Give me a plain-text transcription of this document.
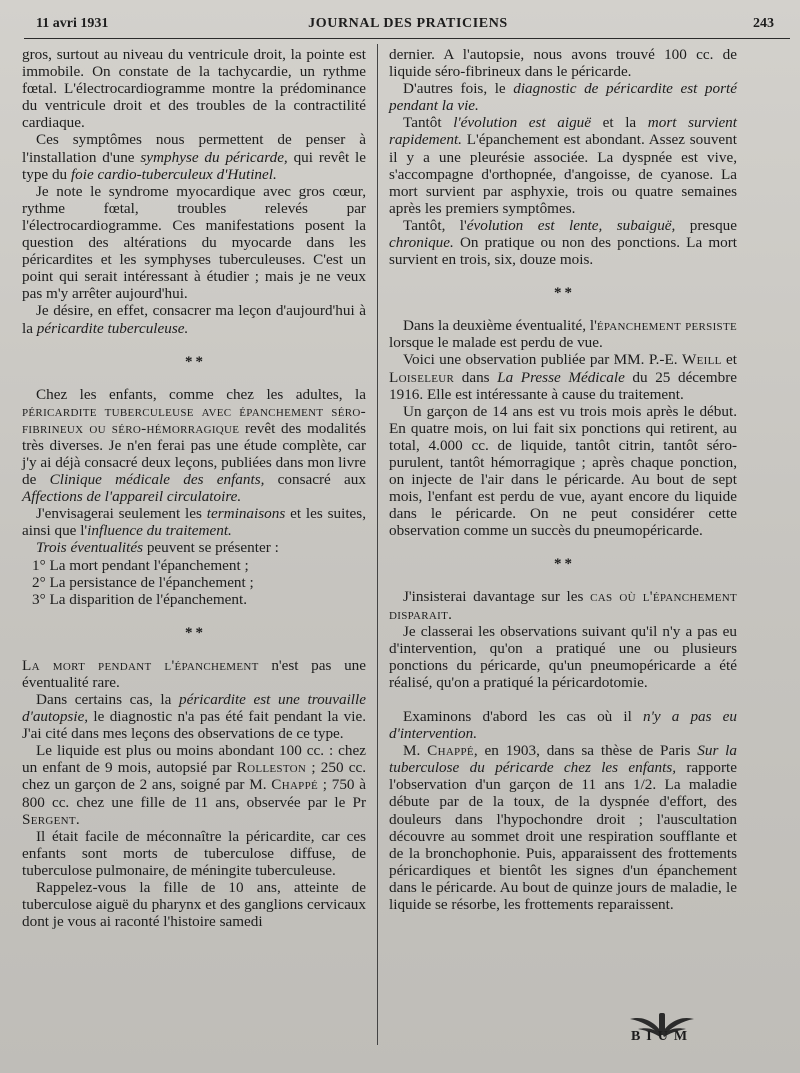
11 avri 1931	JOURNAL DES PRATICIENS	243

gros, surtout au niveau du ventricule droit, la pointe est immobile. On constate de la tachycardie, un rythme fœtal. L'électrocardiogramme montre la prédominance du ventricule droit et des troubles de la contractilité cardiaque.

Ces symptômes nous permettent de penser à l'installation d'une symphyse du péricarde, qui revêt le type du foie cardio-tuberculeux d'Hutinel.

Je note le syndrome myocardique avec gros cœur, rythme fœtal, troubles relevés par l'électrocardiogramme. Ces manifestations posent la question des altérations du myocarde dans les péricardites et les symphyses tuberculeuses. C'est un point qui serait intéressant à étudier ; mais je ne veux pas m'y arrêter aujourd'hui.

Je désire, en effet, consacrer ma leçon d'aujourd'hui à la péricardite tuberculeuse.

* *

Chez les enfants, comme chez les adultes, la péricardite tuberculeuse avec épanchement séro-fibrineux ou séro-hémorragique revêt des modalités très diverses. Je n'en ferai pas une étude complète, car j'y ai déjà consacré deux leçons, publiées dans mon livre de Clinique médicale des enfants, consacré aux Affections de l'appareil circulatoire.

J'envisagerai seulement les terminaisons et les suites, ainsi que l'influence du traitement.

Trois éventualités peuvent se présenter :

1° La mort pendant l'épanchement ;

2° La persistance de l'épanchement ;

3° La disparition de l'épanchement.

* *

La mort pendant l'épanchement n'est pas une éventualité rare.

Dans certains cas, la péricardite est une trouvaille d'autopsie, le diagnostic n'a pas été fait pendant la vie. J'ai cité dans mes leçons des observations de ce type.

Le liquide est plus ou moins abondant 100 cc. : chez un enfant de 9 mois, autopsié par Rolleston ; 250 cc. chez un garçon de 2 ans, soigné par M. Chappé ; 750 à 800 cc. chez une fille de 11 ans, observée par le Pr Sergent.

Il était facile de méconnaître la péricardite, car ces enfants sont morts de tuberculose diffuse, de tuberculose pulmonaire, de méningite tuberculeuse.

Rappelez-vous la fille de 10 ans, atteinte de tuberculose aiguë du pharynx et des ganglions cervicaux dont je vous ai raconté l'histoire samedi

dernier. A l'autopsie, nous avons trouvé 100 cc. de liquide séro-fibrineux dans le péricarde.

D'autres fois, le diagnostic de péricardite est porté pendant la vie.

Tantôt l'évolution est aiguë et la mort survient rapidement. L'épanchement est abondant. Assez souvent il y a une pleurésie associée. La dyspnée est vive, s'accompagne d'orthopnée, d'angoisse, de cyanose. La mort survient par asphyxie, trois ou quatre semaines après les premiers symptômes.

Tantôt, l'évolution est lente, subaiguë, presque chronique. On pratique ou non des ponctions. La mort survient en trois, six, douze mois.

* *

Dans la deuxième éventualité, l'épanchement persiste lorsque le malade est perdu de vue.

Voici une observation publiée par MM. P.-E. Weill et Loiseleur dans La Presse Médicale du 25 décembre 1916. Elle est intéressante à cause du traitement.

Un garçon de 14 ans est vu trois mois après le début. En quatre mois, on lui fait six ponctions qui retirent, au total, 4.000 cc. de liquide, tantôt citrin, tantôt séro-purulent, tantôt hémorragique ; après chaque ponction, on injecte de l'air dans le péricarde. Au bout de sept mois, l'enfant est perdu de vue, ayant encore du liquide dans le péricarde. On ne peut considérer cette observation comme un succès du pneumopéricarde.

* *

J'insisterai davantage sur les cas où l'épanchement disparait.

Je classerai les observations suivant qu'il n'y a pas eu d'intervention, qu'on a pratiqué une ou plusieurs ponctions du péricarde, qu'un pneumopéricarde a été réalisé, qu'on a pratiqué la péricardotomie.

Examinons d'abord les cas où il n'y a pas eu d'intervention.

M. Chappé, en 1903, dans sa thèse de Paris Sur la tuberculose du péricarde chez les enfants, rapporte l'observation d'un garçon de 11 ans 1/2. La maladie débute par de la toux, de la dyspnée d'effort, des douleurs dans l'hypochondre droit ; l'auscultation découvre au sommet droit une respiration soufflante et de la bronchophonie. Puis, apparaissent des frottements péricardiques et bientôt les signes d'un épanchement dans le péricarde. Au bout de quinze jours de maladie, le liquide se résorbe, les frottements reparaissent.

BIUM
